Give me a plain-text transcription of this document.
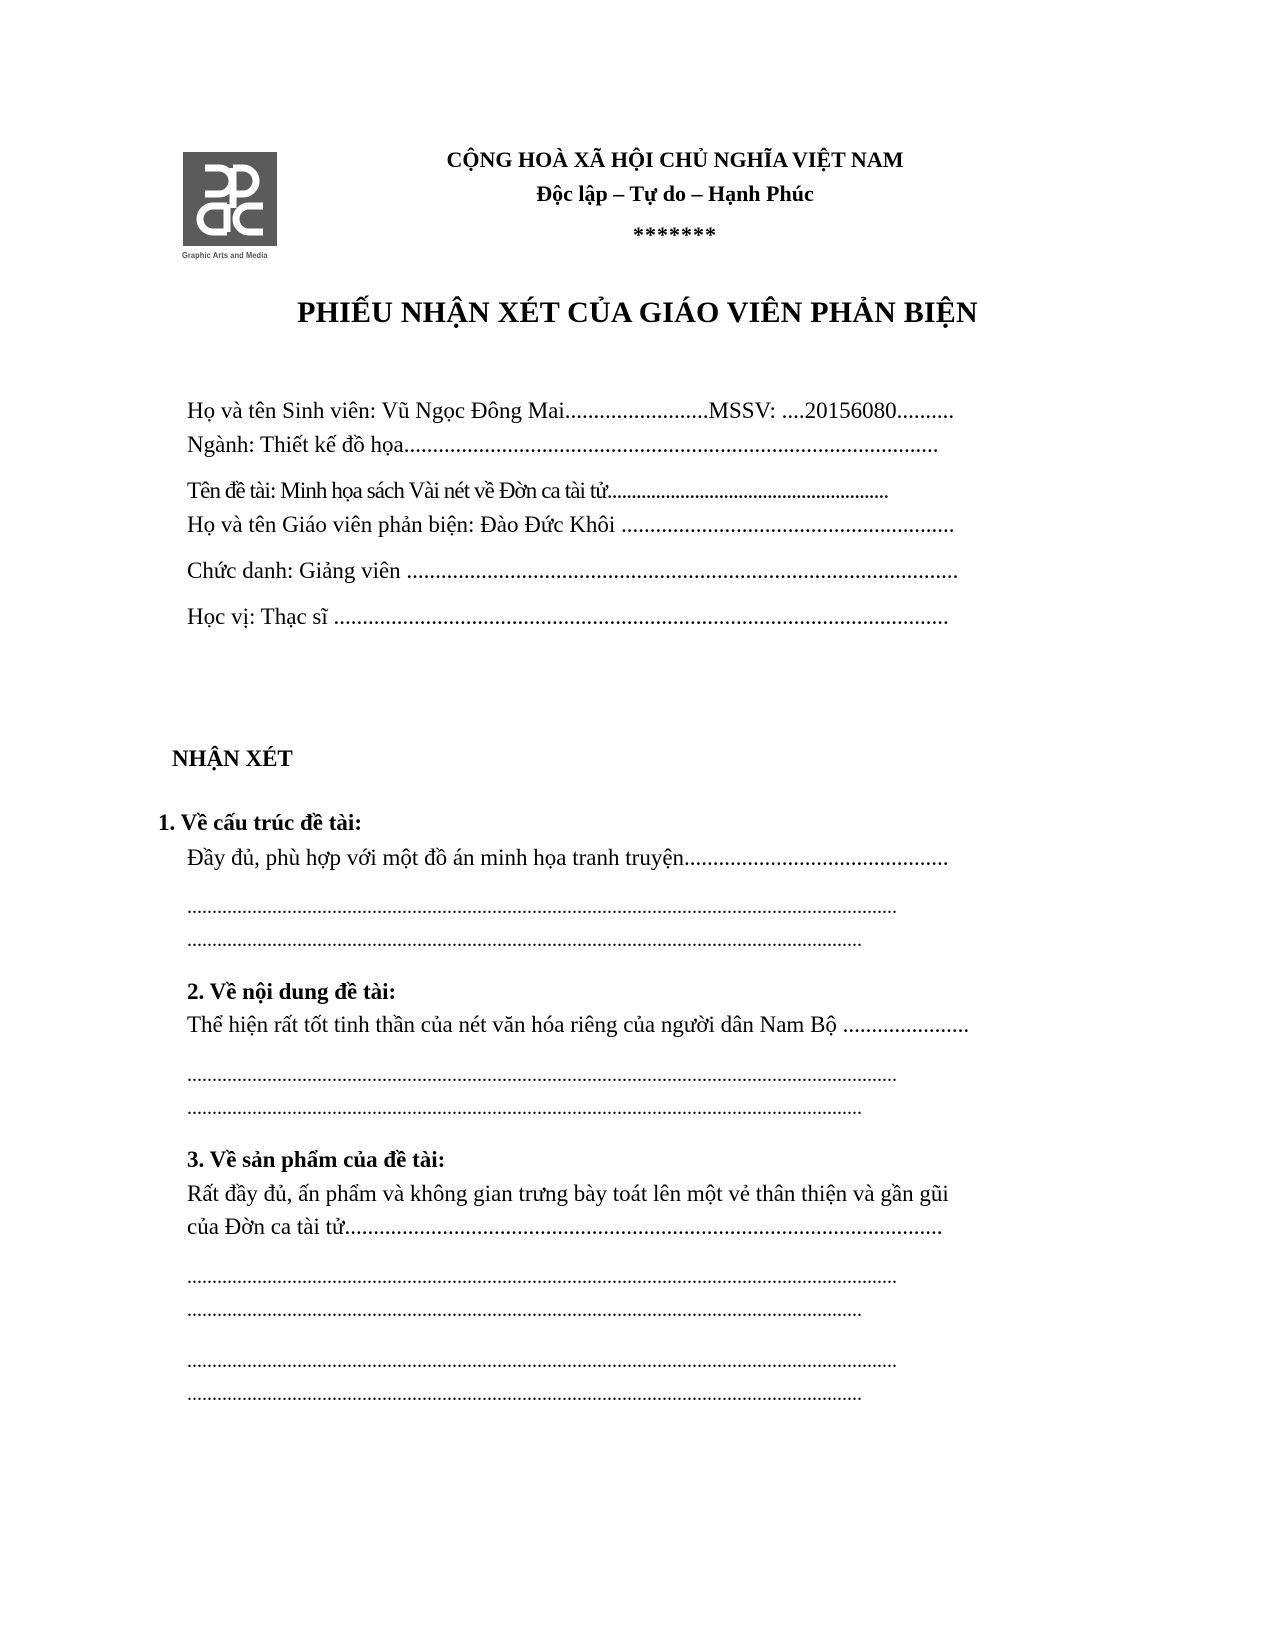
Graphic Arts and Media
CỘNG HOÀ XÃ HỘI CHỦ NGHĨA VIỆT NAM
Độc lập – Tự do – Hạnh Phúc
*******
PHIẾU NHẬN XÉT CỦA GIÁO VIÊN PHẢN BIỆN
Họ và tên Sinh viên: Vũ Ngọc Đông Mai.........................MSSV: ....20156080..........
Ngành: Thiết kế đồ họa.............................................................................................
Tên đề tài: Minh họa sách Vài nét về Đờn ca tài tử..........................................................
Họ và tên Giáo viên phản biện: Đào Đức Khôi ..........................................................
Chức danh: Giảng viên ................................................................................................
Học vị: Thạc sĩ ...........................................................................................................
NHẬN XÉT
1. Về cấu trúc đề tài:
Đầy đủ, phù hợp với một đồ án minh họa tranh truyện..............................................
..............................................................................................................................................
.......................................................................................................................................
2. Về nội dung đề tài:
Thể hiện rất tốt tinh thần của nét văn hóa riêng của người dân Nam Bộ ......................
..............................................................................................................................................
.......................................................................................................................................
3. Về sản phẩm của đề tài:
Rất đầy đủ, ấn phẩm và không gian trưng bày toát lên một vẻ thân thiện và gần gũi
của Đờn ca tài tử........................................................................................................
..............................................................................................................................................
.......................................................................................................................................
..............................................................................................................................................
.......................................................................................................................................
